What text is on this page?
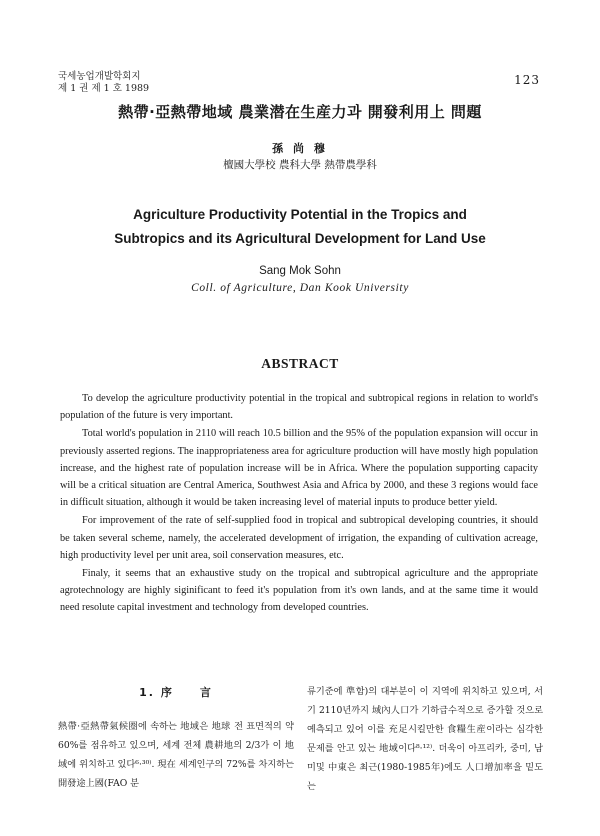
국세농업개발학회지
제 1 권 제 1 호 1989
123
熱帶·亞熱帶地域 農業潜在生産力과 開發利用上 問題
孫 尚 穆
檀國大學校 農科大學 熱帶農學科
Agriculture Productivity Potential in the Tropics and
Subtropics and its Agricultural Development for Land Use
Sang Mok Sohn
Coll. of Agriculture, Dan Kook University
ABSTRACT

To develop the agriculture productivity potential in the tropical and subtropical regions in relation to world's population of the future is very important.

Total world's population in 2110 will reach 10.5 billion and the 95% of the population expansion will occur in previously asserted regions. The inappropriateness area for agriculture production will have mostly high population increase, and the highest rate of population increase will be in Africa. Where the population supporting capacity will be a critical situation are Central America, Southwest Asia and Africa by 2000, and these 3 regions would face in difficult situation, although it would be taken increasing level of material inputs to produce better yield.

For improvement of the rate of self-supplied food in tropical and subtropical developing countries, it should be taken several scheme, namely, the accelerated development of irrigation, the expanding of cultivation acreage, high productivity level per unit area, soil conservation measures, etc.

Finaly, it seems that an exhaustive study on the tropical and subtropical agriculture and the appropriate agrotechnology are highly siginificant to feed it's population from it's own lands, and at the same time it would need resolute capital investment and technology from developed countries.

1. 序　　言

熱帶·亞熱帶氣候圈에 속하는 地域은 地球 전 표면적의 약 60%를 점유하고 있으며, 세계 전체 農耕地의 2/3가 이 地域에 위치하고 있다⁶·³⁰⁾. 現在 세계인구의 72%를 차지하는 開發途上國(FAO 분

류기준에 準함)의 대부분이 이 지역에 위치하고 있으며, 서기 2110년까지 域內人口가 기하급수적으로 증가할 것으로 예측되고 있어 이를 充足시킬만한 食糧生産이라는 심각한 문제를 안고 있는 地域이다⁸·¹²⁾. 더욱이 아프리카, 중미, 남미및 中東은 최근(1980-1985年)에도 人口增加率을 밑도는
